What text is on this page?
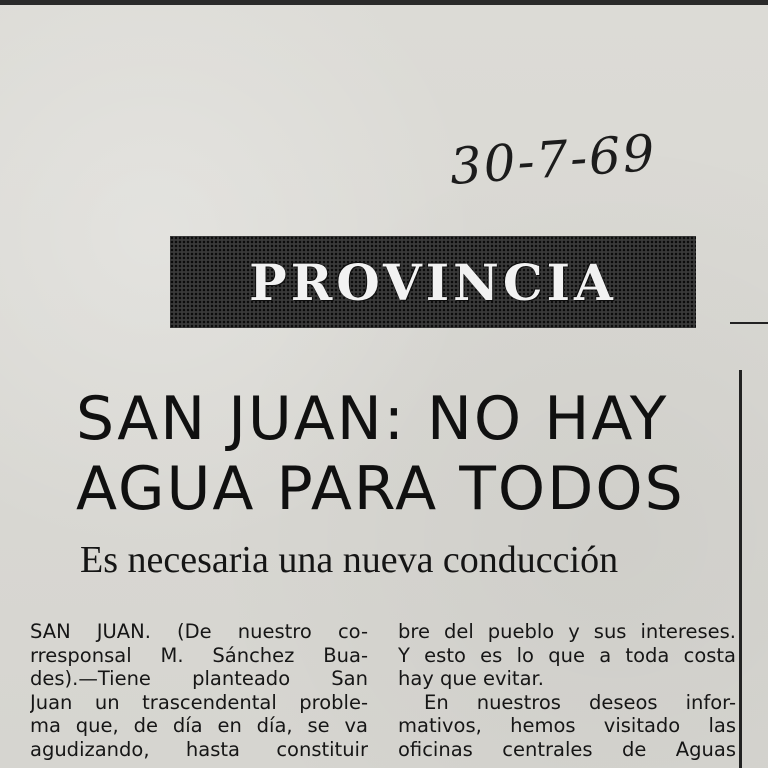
30-7-69
PROVINCIA
SAN JUAN: NO HAY
AGUA PARA TODOS
Es necesaria una nueva conducción
SAN JUAN. (De nuestro co-
rresponsal M. Sánchez Bua-
des).—Tiene planteado San
Juan un trascendental proble-
ma que, de día en día, se va
agudizando, hasta constituir
bre del pueblo y sus intereses.
Y esto es lo que a toda costa
hay que evitar.
En nuestros deseos infor-
mativos, hemos visitado las
oficinas centrales de Aguas
